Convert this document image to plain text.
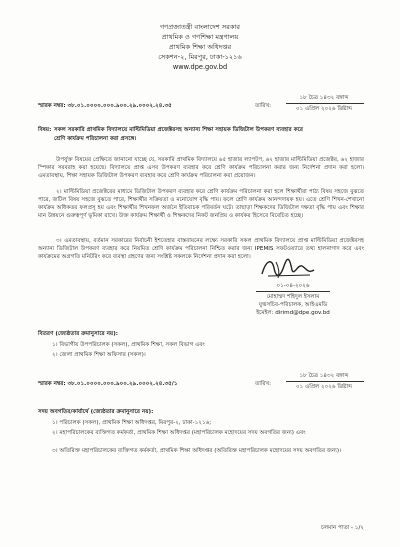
গণপ্রজাতন্ত্রী বাংলাদেশ সরকার
প্রাথমিক ও গণশিক্ষা মন্ত্রণালয়
প্রাথমিক শিক্ষা অধিদপ্তর
সেকশন-২, মিরপুর, ঢাকা-১২১৬
www.dpe.gov.bd
স্মারক নম্বর: ৩৮.০১.০০০০.০০০.৯০০.২৯.০০০২.২৪.৩৫	তারিখ:
১৮ চৈত্র ১৪৩২ বঙ্গাব্দ
০১ এপ্রিল ২০২৬ খ্রিষ্টাব্দ
বিষয়: সকল সরকারি প্রাথমিক বিদ্যালয়ে মাল্টিমিডিয়া প্রজেক্টরসহ অন্যান্য শিক্ষা সহায়ক ডিজিটাল উপকরণ ব্যবহার করে
শ্রেণি কার্যক্রম পরিচালনা করা প্রসঙ্গে।
উপর্যুক্ত বিষয়ের প্রেক্ষিতে জানানো যাচ্ছে যে, সরকারি প্রাথমিক বিদ্যালয়ে ৬৫ হাজার ল্যাপটপ, ৬২ হাজার মাল্টিমিডিয়া প্রজেক্টর, ৬২ হাজার স্পিকার সরবরাহ করা হয়েছে। বিদ্যালয়ে প্রাপ্ত এসব উপকরণ ব্যবহার করে শ্রেণি কার্যক্রম পরিচালনা করার জন্য নির্দেশনা প্রদান করা হলো। এমতাবস্থায়, শিক্ষা সহায়ক ডিজিটাল উপকরণ ব্যবহার করে শ্রেণি কার্যক্রম পরিচালনা করা প্রয়োজন।
২। মাল্টিমিডিয়া প্রজেক্টরের মাধ্যমে ডিজিটাল উপকরণ ব্যবহার করে শ্রেণি কার্যক্রম পরিচালনা করা হলে শিক্ষার্থীরা পাঠ্য বিষয় সহজে বুঝতে পারে, জটিল বিষয় সহজে বুঝতে পারে, শিক্ষার্থীর সক্রিয়তা ও মনোযোগ বৃদ্ধি পায়। ফলে শ্রেণি কার্যক্রম আনন্দদায়ক হয়। এতে শ্রেণি শিখন-শেখানো কার্যক্রম অধিকতর ফলপ্রসূ হয় এবং শিক্ষার্থীর শিখনফল অর্জনে ইতিবাচক পরিবর্তন ঘটে। তাছাড়া শিক্ষকদের ডিজিটাল দক্ষতা বৃদ্ধি পায় এবং শিক্ষার মান উন্নয়নে গুরুত্বপূর্ণ ভূমিকা রাখে। উক্ত কার্যক্রম শিক্ষার্থী ও শিক্ষকদের নিকট জনপ্রিয় ও কার্যকর হিসেবে বিবেচিত হচ্ছে।
৩। এমতাবস্থায়, বর্তমান সরকারের নির্বাচনী ইশতেহার বাস্তবায়নের লক্ষ্যে সরকারি সকল প্রাথমিক বিদ্যালয়ে প্রাপ্ত মাল্টিমিডিয়া প্রজেক্টরসহ অন্যান্য ডিজিটাল উপকরণ ব্যবহার করে নিয়মিত শ্রেণি কার্যক্রম পরিচালনা নিশ্চিত করার জন্য IPEMIS সফটওয়্যারে তথ্য হালনাগাদ করে এবং কার্যক্রমের অগ্রগতি মনিটরিং করে ব্যবস্থা গ্রহণের জন্য সংশ্লিষ্ট সকলকে নির্দেশনা প্রদান করা হলো।
০১-০৪-২০২৬
মোহাম্মদ শহিদুল ইসলাম
যুগ্মসচিব-পরিচালক, আইএমডি
ইমেইল: dirimd@dpe.gov.bd
বিতরণ (জ্যেষ্ঠতার ক্রমানুসারে নয়):
১। বিভাগীয় উপপরিচালক (সকল), প্রাথমিক শিক্ষা, সকল বিভাগ এবং
২। জেলা প্রাথমিক শিক্ষা অফিসার (সকল)।
স্মারক নম্বর: ৩৮.০১.০০০০.০০০.৯০০.২৯.০০০২.২৪.৩৫/১	তারিখ:
১৮ চৈত্র ১৪৩২ বঙ্গাব্দ
০১ এপ্রিল ২০২৬ খ্রিষ্টাব্দ
সদয় অবগতির/কার্যার্থে (জ্যেষ্ঠতার ক্রমানুসারে নয়):
১। পরিচালক (সকল), প্রাথমিক শিক্ষা অধিদপ্তর, মিরপুর-২, ঢাকা-১২১৬;
২। মহাপরিচালকের ব্যক্তিগত কর্মকর্তা, প্রাথমিক শিক্ষা অধিদপ্তর (মহাপরিচালক মহোদয়ের সদয় অবগতির জন্য) এবং
৩। অতিরিক্ত মহাপরিচালকের ব্যক্তিগত কর্মকর্তা, প্রাথমিক শিক্ষা অধিদপ্তর (অতিরিক্ত মহাপরিচালক মহোদয়ের সদয় অবগতির জন্য)।
চলমান পাতা - ১/২
